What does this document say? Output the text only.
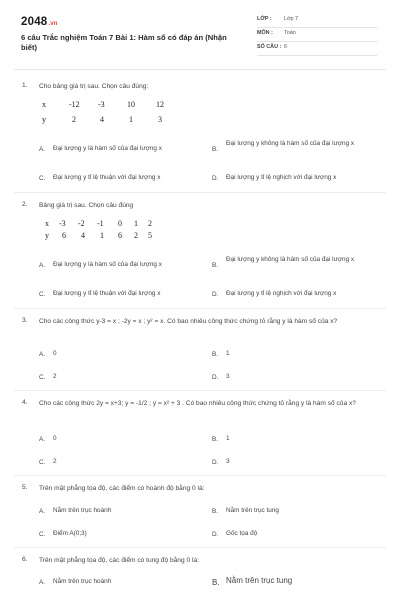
2048.vn
6 câu Trắc nghiệm Toán 7 Bài 1: Hàm số có đáp án (Nhận biết)
LỚP : Lớp 7
MÔN : Toán
SỐ CÂU : 6
1. Cho bảng giá trị sau. Chọn câu đúng:
x	-12 -3	10	12
y	2	4	1	3
A. Đại lượng y là hàm số của đại lượng x	B.
Đại lượng y không là hàm số của đại lượng x
C. Đại lượng y tỉ lệ thuận với đại lượng x	D. Đại lượng y tỉ lệ nghịch với đại lượng x
2. Bảng giá trị sau. Chọn câu đúng
x -3 -2 -1 0 1 2
y 6 4 1 6 2 5
A. Đại lượng y là hàm số của đại lượng x	B.
Đại lượng y không là hàm số của đại lượng x
C. Đại lượng y tỉ lệ thuận với đại lượng x	D. Đại lượng y tỉ lệ nghịch với đại lượng x
3. Cho các công thức y-3 = x ; -2y = x ; y² = x. Có bao nhiêu công thức chứng tỏ rằng y là hàm số của x?
A. 0	B. 1
C. 2	D. 3
4. Cho các công thức 2y = x+3; y = -1/2 ; y = x² + 3 . Có bao nhiêu công thức chứng tỏ rằng y là hàm số của x?
A. 0	B. 1
C. 2	D. 3
5. Trên mặt phẳng tọa độ, các điểm có hoành độ bằng 0 là:
A. Nằm trên trục hoành	B. Nằm trên trục tung
C. Điểm A(0;3)	D. Gốc tọa độ
6. Trên mặt phẳng tọa độ, các điểm có tung độ bằng 0 là:
A. Nằm trên trục hoành	B. Nằm trên trục tung
